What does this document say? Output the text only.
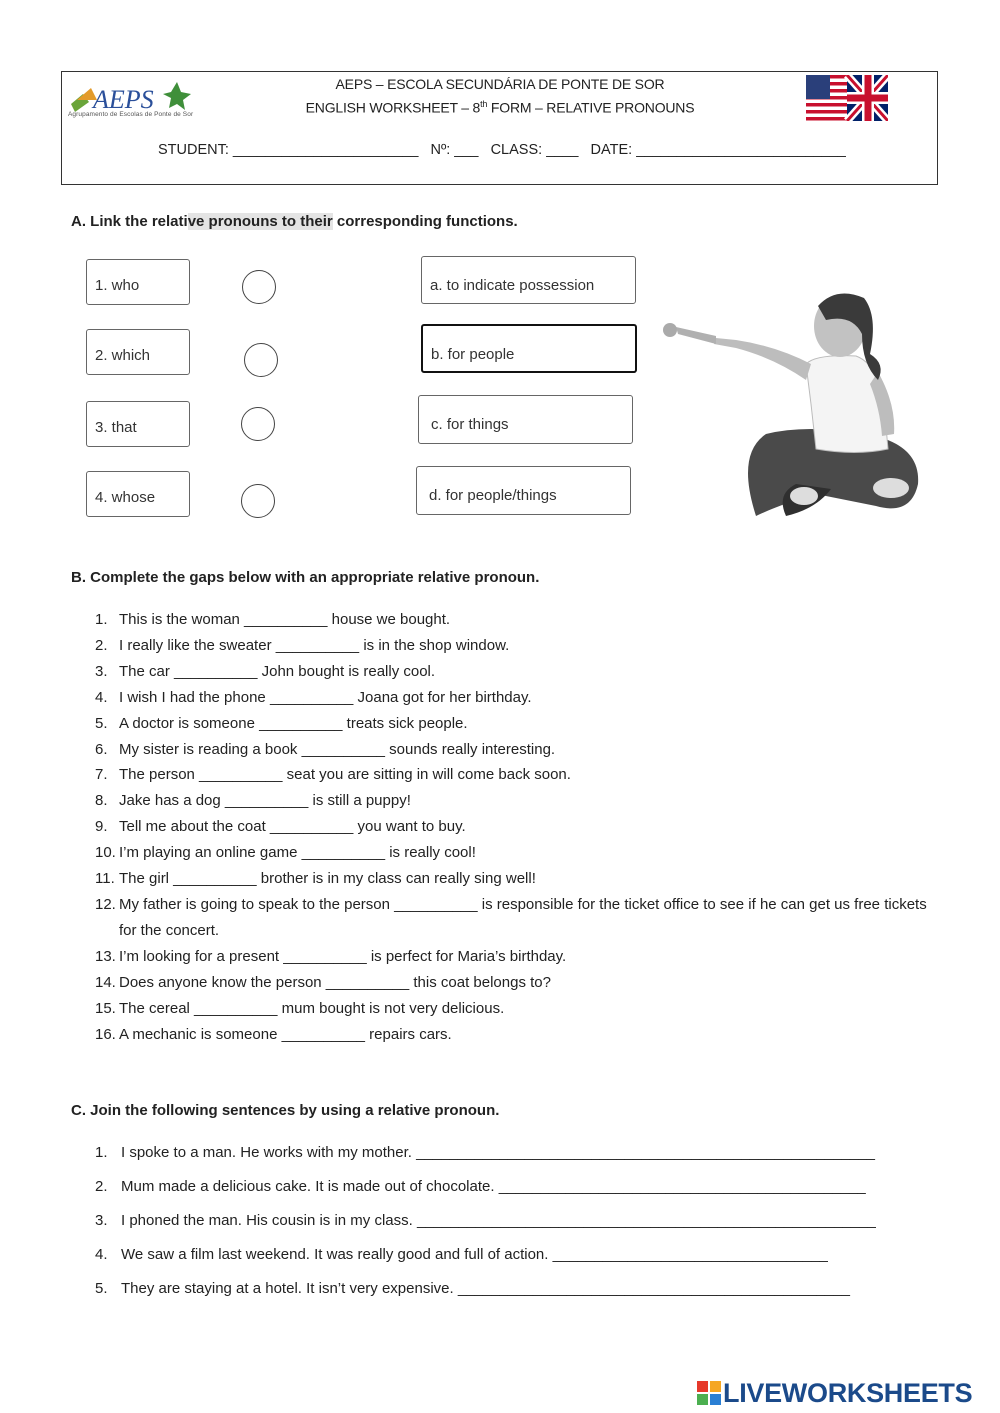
AEPS
Agrupamento de Escolas de Ponte de Sor
AEPS – ESCOLA SECUNDÁRIA DE PONTE DE SOR
ENGLISH WORKSHEET – 8th FORM – RELATIVE PRONOUNS
STUDENT: _______________________   Nº: ___   CLASS: ____   DATE: __________________________
A. Link the relative pronouns to their corresponding functions.
1. who
2. which
3. that
4. whose
a. to indicate possession
b. for people
c. for things
d. for people/things
B. Complete the gaps below with an appropriate relative pronoun.
1. This is the woman __________ house we bought.
2. I really like the sweater __________ is in the shop window.
3. The car __________ John bought is really cool.
4. I wish I had the phone __________ Joana got for her birthday.
5. A doctor is someone __________ treats sick people.
6. My sister is reading a book __________ sounds really interesting.
7. The person __________ seat you are sitting in will come back soon.
8. Jake has a dog __________ is still a puppy!
9. Tell me about the coat __________ you want to buy.
10. I’m playing an online game __________ is really cool!
11. The girl __________ brother is in my class can really sing well!
12. My father is going to speak to the person __________ is responsible for the ticket office to see if he can get us free tickets for the concert.
13. I’m looking for a present __________ is perfect for Maria’s birthday.
14. Does anyone know the person __________ this coat belongs to?
15. The cereal __________ mum bought is not very delicious.
16. A mechanic is someone __________ repairs cars.
C. Join the following sentences by using a relative pronoun.
1. I spoke to a man. He works with my mother. _______________________________________________________
2. Mum made a delicious cake. It is made out of chocolate. ____________________________________________
3. I phoned the man. His cousin is in my class. _______________________________________________________
4. We saw a film last weekend. It was really good and full of action. _________________________________
5. They are staying at a hotel. It isn’t very expensive. _______________________________________________
LIVEWORKSHEETS
